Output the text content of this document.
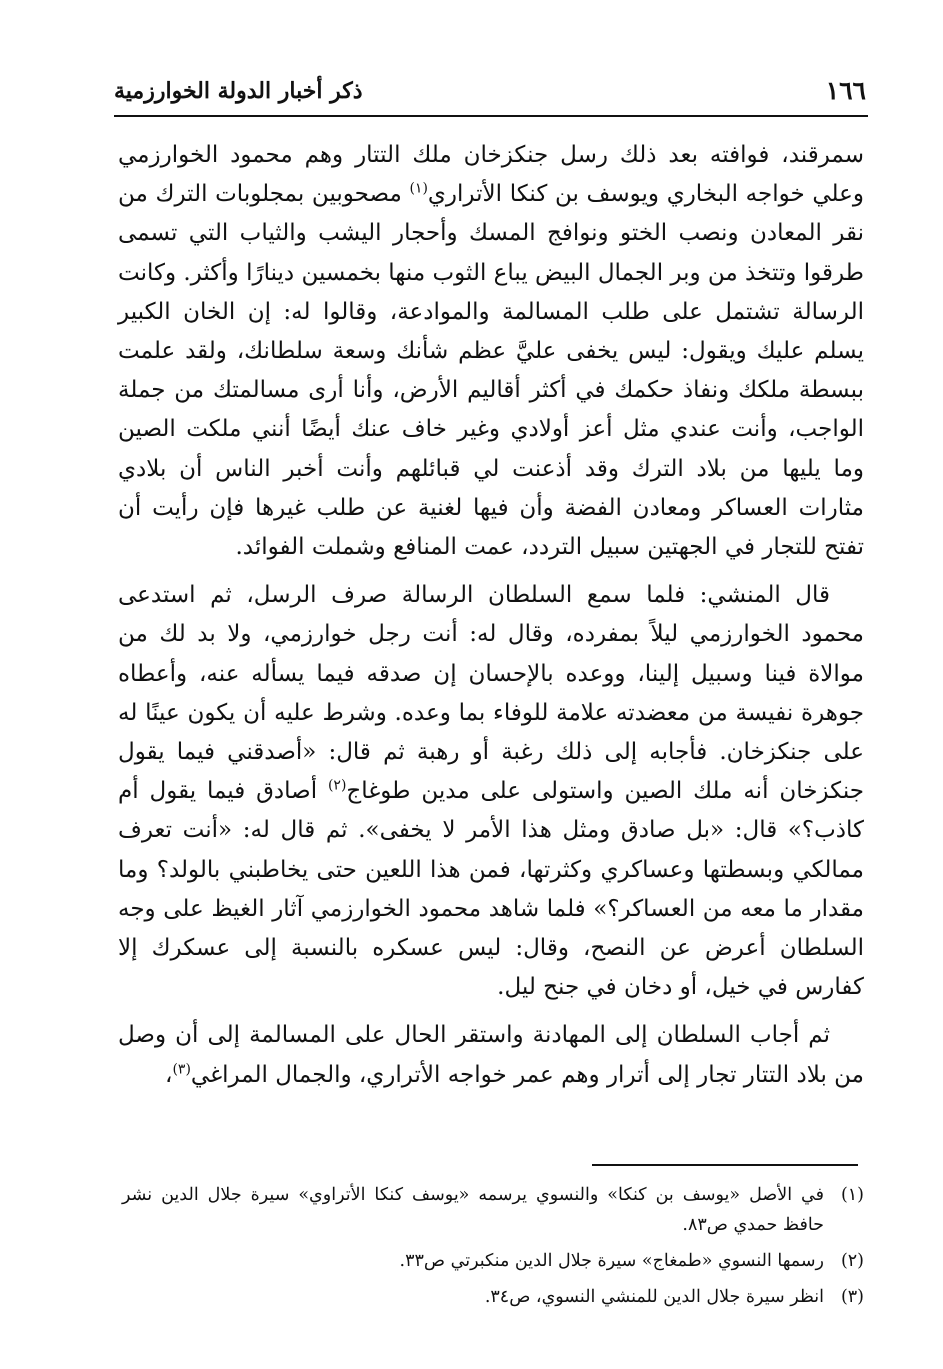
١٦٦
ذكر أخبار الدولة الخوارزمية

سمرقند، فوافته بعد ذلك رسل جنكزخان ملك التتار وهم محمود الخوارزمي وعلي خواجه البخاري ويوسف بن كنكا الأتراري$^{(١)}$ مصحوبين بمجلوبات الترك من نقر المعادن ونصب الختو ونوافج المسك وأحجار اليشب والثياب التي تسمى طرقوا وتتخذ من وبر الجمال البيض يباع الثوب منها بخمسين دينارًا وأكثر. وكانت الرسالة تشتمل على طلب المسالمة والموادعة، وقالوا له: إن الخان الكبير يسلم عليك ويقول: ليس يخفى عليَّ عظم شأنك وسعة سلطانك، ولقد علمت ببسطة ملكك ونفاذ حكمك في أكثر أقاليم الأرض، وأنا أرى مسالمتك من جملة الواجب، وأنت عندي مثل أعز أولادي وغير خاف عنك أيضًا أنني ملكت الصين وما يليها من بلاد الترك وقد أذعنت لي قبائلهم وأنت أخبر الناس أن بلادي مثارات العساكر ومعادن الفضة وأن فيها لغنية عن طلب غيرها فإن رأيت أن تفتح للتجار في الجهتين سبيل التردد، عمت المنافع وشملت الفوائد.

قال المنشي: فلما سمع السلطان الرسالة صرف الرسل، ثم استدعى محمود الخوارزمي ليلاً بمفرده، وقال له: أنت رجل خوارزمي، ولا بد لك من موالاة فينا وسبيل إلينا، ووعده بالإحسان إن صدقه فيما يسأله عنه، وأعطاه جوهرة نفيسة من معضدته علامة للوفاء بما وعده. وشرط عليه أن يكون عينًا له على جنكزخان. فأجابه إلى ذلك رغبة أو رهبة ثم قال: «أصدقني فيما يقول جنكزخان أنه ملك الصين واستولى على مدين طوغاج$^{(٢)}$ أصادق فيما يقول أم كاذب؟» قال: «بل صادق ومثل هذا الأمر لا يخفى». ثم قال له: «أنت تعرف ممالكي وبسطتها وعساكري وكثرتها، فمن هذا اللعين حتى يخاطبني بالولد؟ وما مقدار ما معه من العساكر؟» فلما شاهد محمود الخوارزمي آثار الغيظ على وجه السلطان أعرض عن النصح، وقال: ليس عسكره بالنسبة إلى عسكرك إلا كفارس في خيل، أو دخان في جنح ليل.

ثم أجاب السلطان إلى المهادنة واستقر الحال على المسالمة إلى أن وصل من بلاد التتار تجار إلى أترار وهم عمر خواجه الأتراري، والجمال المراغي$^{(٣)}$،

(١)
في الأصل «يوسف بن كنكا» والنسوي يرسمه «يوسف كنكا الأتراوي» سيرة جلال الدين نشر حافظ حمدي ص٨٣.
(٢)
رسمها النسوي «طمغاج» سيرة جلال الدين منكبرتي ص٣٣.
(٣)
انظر سيرة جلال الدين للمنشي النسوي، ص٣٤.
